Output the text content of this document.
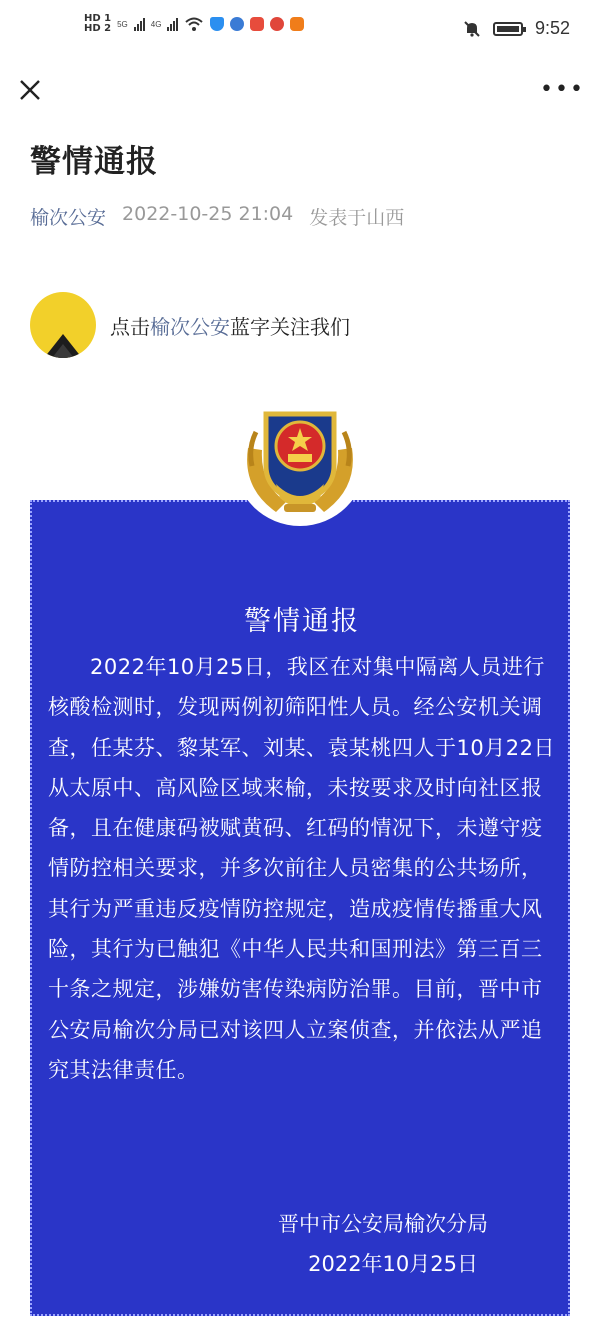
HD 1
HD 2 5G	4G	9:52
•••
警情通报
榆次公安 2022-10-25 21:04 发表于山西
点击榆次公安蓝字关注我们
警情通报

2022年10月25日，我区在对集中隔离人员进行核酸检测时，发现两例初筛阳性人员。经公安机关调查，任某芬、黎某军、刘某、袁某桃四人于10月22日从太原中、高风险区域来榆，未按要求及时向社区报备，且在健康码被赋黄码、红码的情况下，未遵守疫情防控相关要求，并多次前往人员密集的公共场所，其行为严重违反疫情防控规定，造成疫情传播重大风险，其行为已触犯《中华人民共和国刑法》第三百三十条之规定，涉嫌妨害传染病防治罪。目前，晋中市公安局榆次分局已对该四人立案侦查，并依法从严追究其法律责任。

晋中市公安局榆次分局
2022年10月25日
